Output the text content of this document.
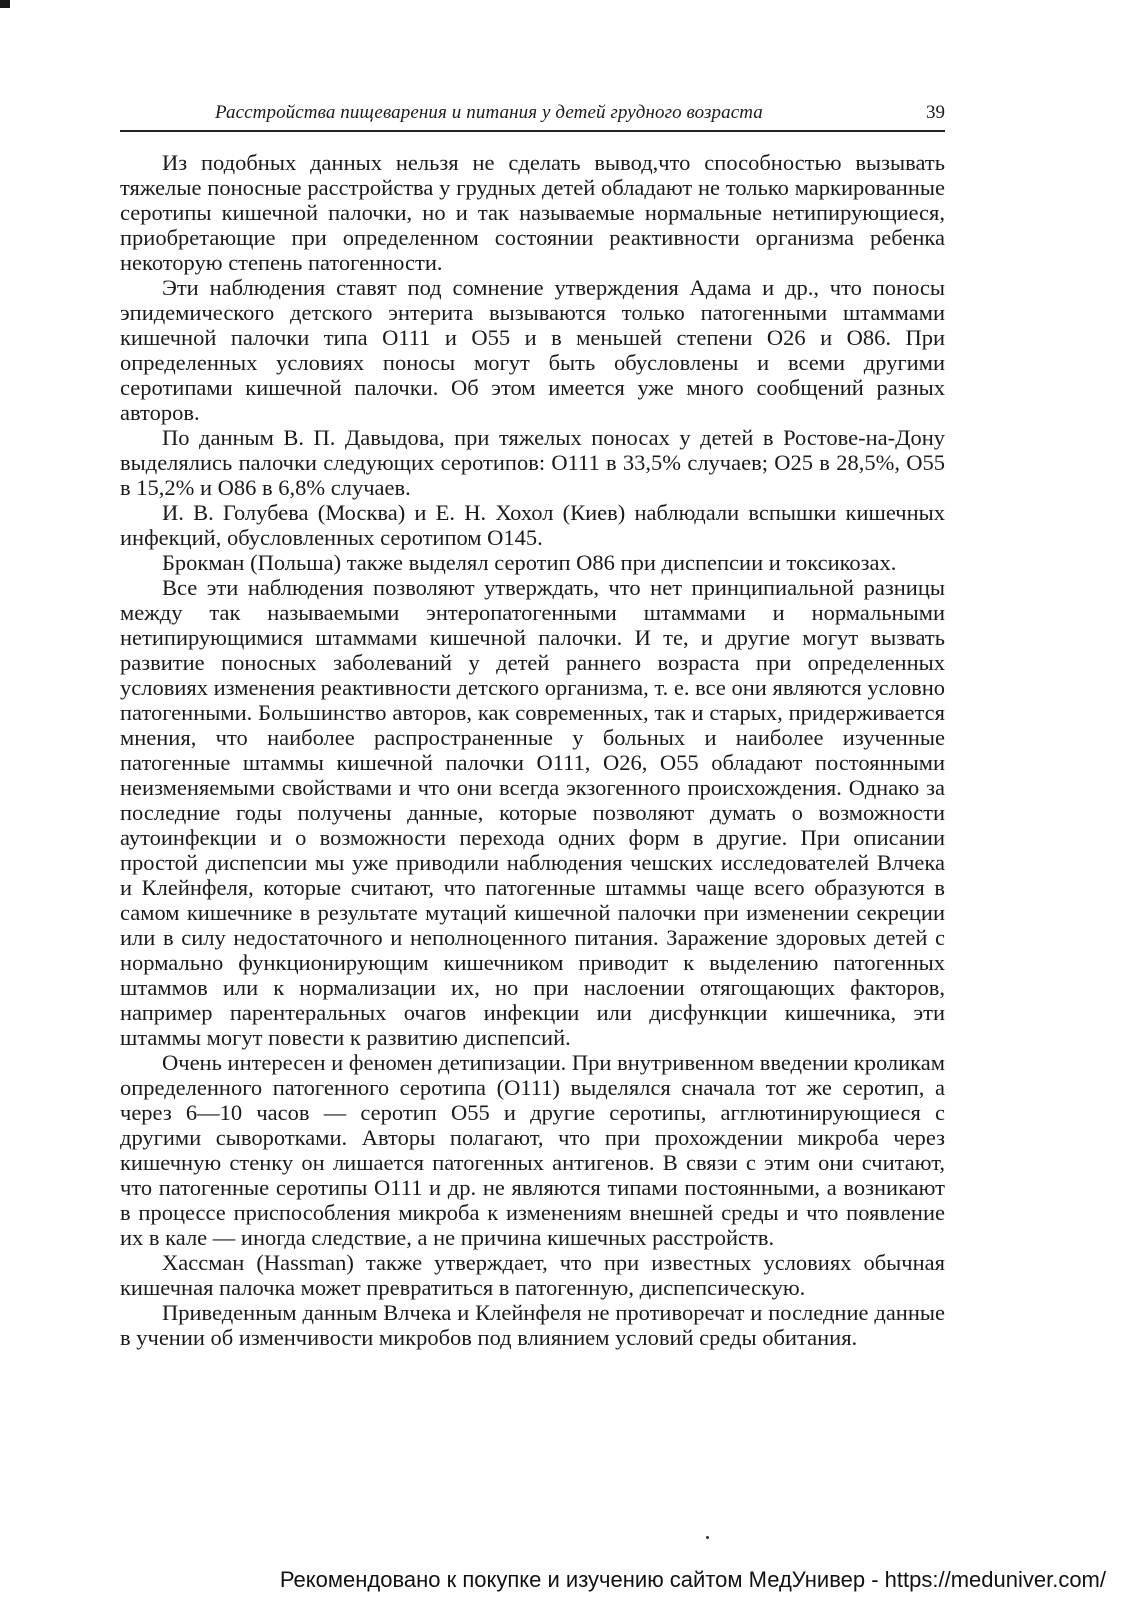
Расстройства пищеварения и питания у детей грудного возраста	39

Из подобных данных нельзя не сделать вывод,что способностью вызывать тяжелые поносные расстройства у грудных детей обладают не только маркированные серотипы кишечной палочки, но и так называемые нормальные нетипирующиеся, приобретающие при определенном состоянии реактивности организма ребенка некоторую степень патогенности.

Эти наблюдения ставят под сомнение утверждения Адама и др., что поносы эпидемического детского энтерита вызываются только патогенными штаммами кишечной палочки типа O111 и O55 и в меньшей степени O26 и O86. При определенных условиях поносы могут быть обусловлены и всеми другими серотипами кишечной палочки. Об этом имеется уже много сообщений разных авторов.

По данным В. П. Давыдова, при тяжелых поносах у детей в Ростове-на-Дону выделялись палочки следующих серотипов: O111 в 33,5% случаев; O25 в 28,5%, O55 в 15,2% и O86 в 6,8% случаев.

И. В. Голубева (Москва) и Е. Н. Хохол (Киев) наблюдали вспышки кишечных инфекций, обусловленных серотипом O145.

Брокман (Польша) также выделял серотип O86 при диспепсии и токсикозах.

Все эти наблюдения позволяют утверждать, что нет принципиальной разницы между так называемыми энтеропатогенными штаммами и нормальными нетипирующимися штаммами кишечной палочки. И те, и другие могут вызвать развитие поносных заболеваний у детей раннего возраста при определенных условиях изменения реактивности детского организма, т. е. все они являются условно патогенными. Большинство авторов, как современных, так и старых, придерживается мнения, что наиболее распространенные у больных и наиболее изученные патогенные штаммы кишечной палочки O111, O26, O55 обладают постоянными неизменяемыми свойствами и что они всегда экзогенного происхождения. Однако за последние годы получены данные, которые позволяют думать о возможности аутоинфекции и о возможности перехода одних форм в другие. При описании простой диспепсии мы уже приводили наблюдения чешских исследователей Влчека и Клейнфеля, которые считают, что патогенные штаммы чаще всего образуются в самом кишечнике в результате мутаций кишечной палочки при изменении секреции или в силу недостаточного и неполноценного питания. Заражение здоровых детей с нормально функционирующим кишечником приводит к выделению патогенных штаммов или к нормализации их, но при наслоении отягощающих факторов, например парентеральных очагов инфекции или дисфункции кишечника, эти штаммы могут повести к развитию диспепсий.

Очень интересен и феномен детипизации. При внутривенном введении кроликам определенного патогенного серотипа (O111) выделялся сначала тот же серотип, а через 6—10 часов — серотип O55 и другие серотипы, агглютинирующиеся с другими сыворотками. Авторы полагают, что при прохождении микроба через кишечную стенку он лишается патогенных антигенов. В связи с этим они считают, что патогенные серотипы O111 и др. не являются типами постоянными, а возникают в процессе приспособления микроба к изменениям внешней среды и что появление их в кале — иногда следствие, а не причина кишечных расстройств.

Хассман (Hassman) также утверждает, что при известных условиях обычная кишечная палочка может превратиться в патогенную, диспепсическую.

Приведенным данным Влчека и Клейнфеля не противоречат и последние данные в учении об изменчивости микробов под влиянием условий среды обитания.

Рекомендовано к покупке и изучению сайтом МедУнивер - https://meduniver.com/
